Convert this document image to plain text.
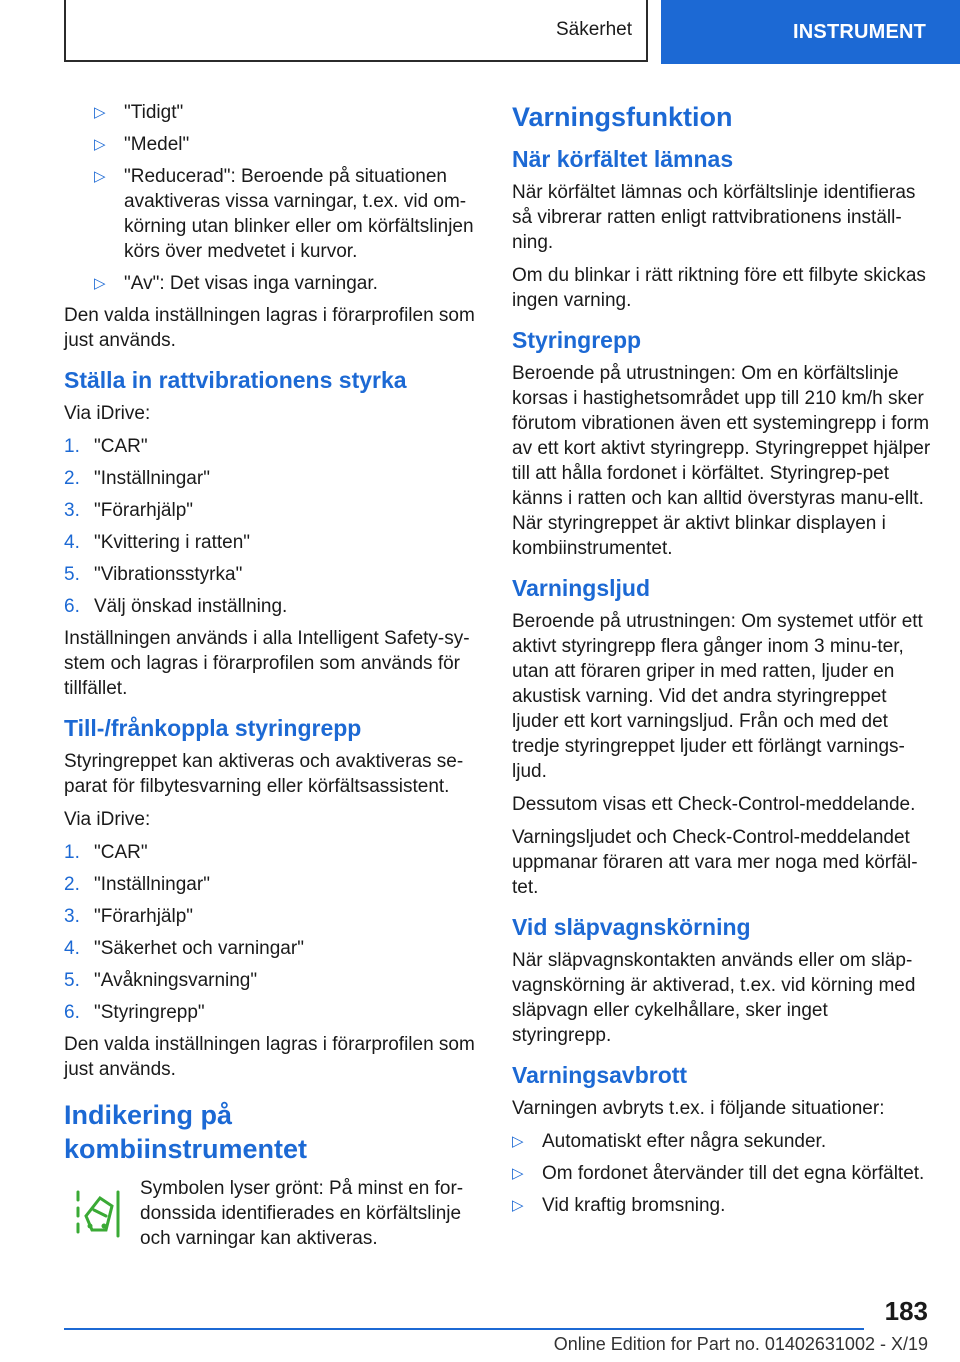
Säkerhet	INSTRUMENT
▷ "Tidigt"
▷ "Medel"
▷ "Reducerad": Beroende på situationen avaktiveras vissa varningar, t.ex. vid om-körning utan blinker eller om körfältslinjen körs över medvetet i kurvor.
▷ "Av": Det visas inga varningar.

Den valda inställningen lagras i förarprofilen som just används.

Ställa in rattvibrationens styrka

Via iDrive:

1. "CAR"
2. "Inställningar"
3. "Förarhjälp"
4. "Kvittering i ratten"
5. "Vibrationsstyrka"
6. Välj önskad inställning.

Inställningen används i alla Intelligent Safety-sy-stem och lagras i förarprofilen som används för tillfället.

Till-/frånkoppla styringrepp

Styringreppet kan aktiveras och avaktiveras se-parat för filbytesvarning eller körfältsassistent.

Via iDrive:

1. "CAR"
2. "Inställningar"
3. "Förarhjälp"
4. "Säkerhet och varningar"
5. "Avåkningsvarning"
6. "Styringrepp"

Den valda inställningen lagras i förarprofilen som just används.

Indikering på kombiinstrumentet

Symbolen lyser grönt: På minst en for-donssida identifierades en körfältslinje och varningar kan aktiveras.

Varningsfunktion
När körfältet lämnas

När körfältet lämnas och körfältslinje identifieras så vibrerar ratten enligt rattvibrationens inställ-ning.

Om du blinkar i rätt riktning före ett filbyte skickas ingen varning.

Styringrepp

Beroende på utrustningen: Om en körfältslinje korsas i hastighetsområdet upp till 210 km/h sker förutom vibrationen även ett systemingrepp i form av ett kort aktivt styringrepp. Styringreppet hjälper till att hålla fordonet i körfältet. Styringrep-pet känns i ratten och kan alltid överstyras manu-ellt. När styringreppet är aktivt blinkar displayen i kombiinstrumentet.

Varningsljud

Beroende på utrustningen: Om systemet utför ett aktivt styringrepp flera gånger inom 3 minu-ter, utan att föraren griper in med ratten, ljuder en akustisk varning. Vid det andra styringreppet ljuder ett kort varningsljud. Från och med det tredje styringreppet ljuder ett förlängt varnings-ljud.

Dessutom visas ett Check-Control-meddelande.

Varningsljudet och Check-Control-meddelandet uppmanar föraren att vara mer noga med körfäl-tet.

Vid släpvagnskörning

När släpvagnskontakten används eller om släp-vagnskörning är aktiverad, t.ex. vid körning med släpvagn eller cykelhållare, sker inget styringrepp.

Varningsavbrott

Varningen avbryts t.ex. i följande situationer:

▷ Automatiskt efter några sekunder.
▷ Om fordonet återvänder till det egna körfältet.
▷ Vid kraftig bromsning.
183
Online Edition for Part no. 01402631002 - X/19
